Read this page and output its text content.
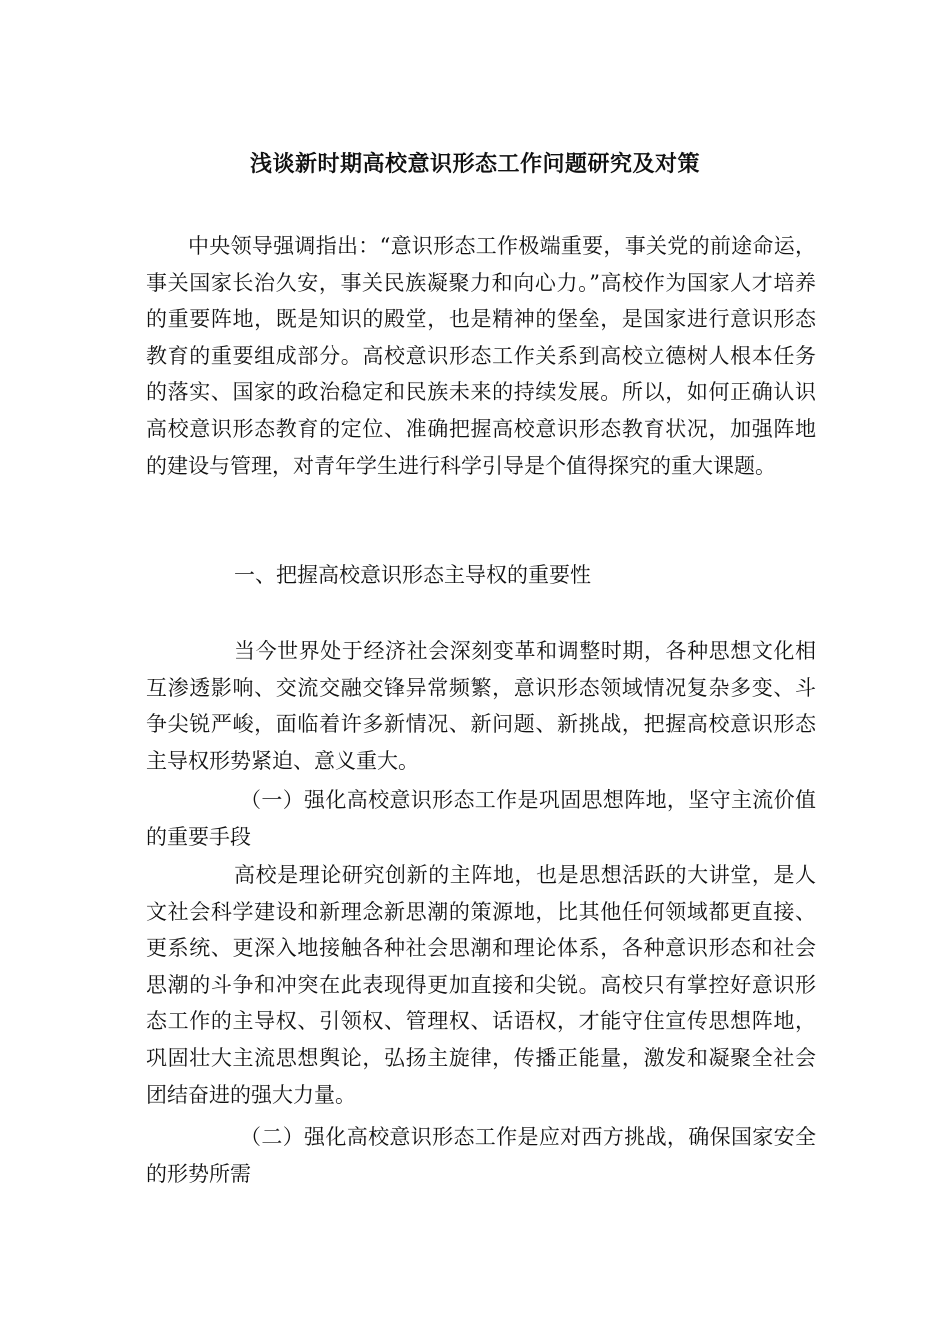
浅谈新时期高校意识形态工作问题研究及对策
中央领导强调指出：“意识形态工作极端重要，事关党的前途命运，事关国家长治久安，事关民族凝聚力和向心力。”高校作为国家人才培养的重要阵地，既是知识的殿堂，也是精神的堡垒，是国家进行意识形态教育的重要组成部分。高校意识形态工作关系到高校立德树人根本任务的落实、国家的政治稳定和民族未来的持续发展。所以，如何正确认识高校意识形态教育的定位、准确把握高校意识形态教育状况，加强阵地的建设与管理，对青年学生进行科学引导是个值得探究的重大课题。
一、把握高校意识形态主导权的重要性
当今世界处于经济社会深刻变革和调整时期，各种思想文化相互渗透影响、交流交融交锋异常频繁，意识形态领域情况复杂多变、斗争尖锐严峻，面临着许多新情况、新问题、新挑战，把握高校意识形态主导权形势紧迫、意义重大。
（一）强化高校意识形态工作是巩固思想阵地，坚守主流价值的重要手段
高校是理论研究创新的主阵地，也是思想活跃的大讲堂，是人文社会科学建设和新理念新思潮的策源地，比其他任何领域都更直接、更系统、更深入地接触各种社会思潮和理论体系，各种意识形态和社会思潮的斗争和冲突在此表现得更加直接和尖锐。高校只有掌控好意识形态工作的主导权、引领权、管理权、话语权，才能守住宣传思想阵地，巩固壮大主流思想舆论，弘扬主旋律，传播正能量，激发和凝聚全社会团结奋进的强大力量。
（二）强化高校意识形态工作是应对西方挑战，确保国家安全的形势所需
